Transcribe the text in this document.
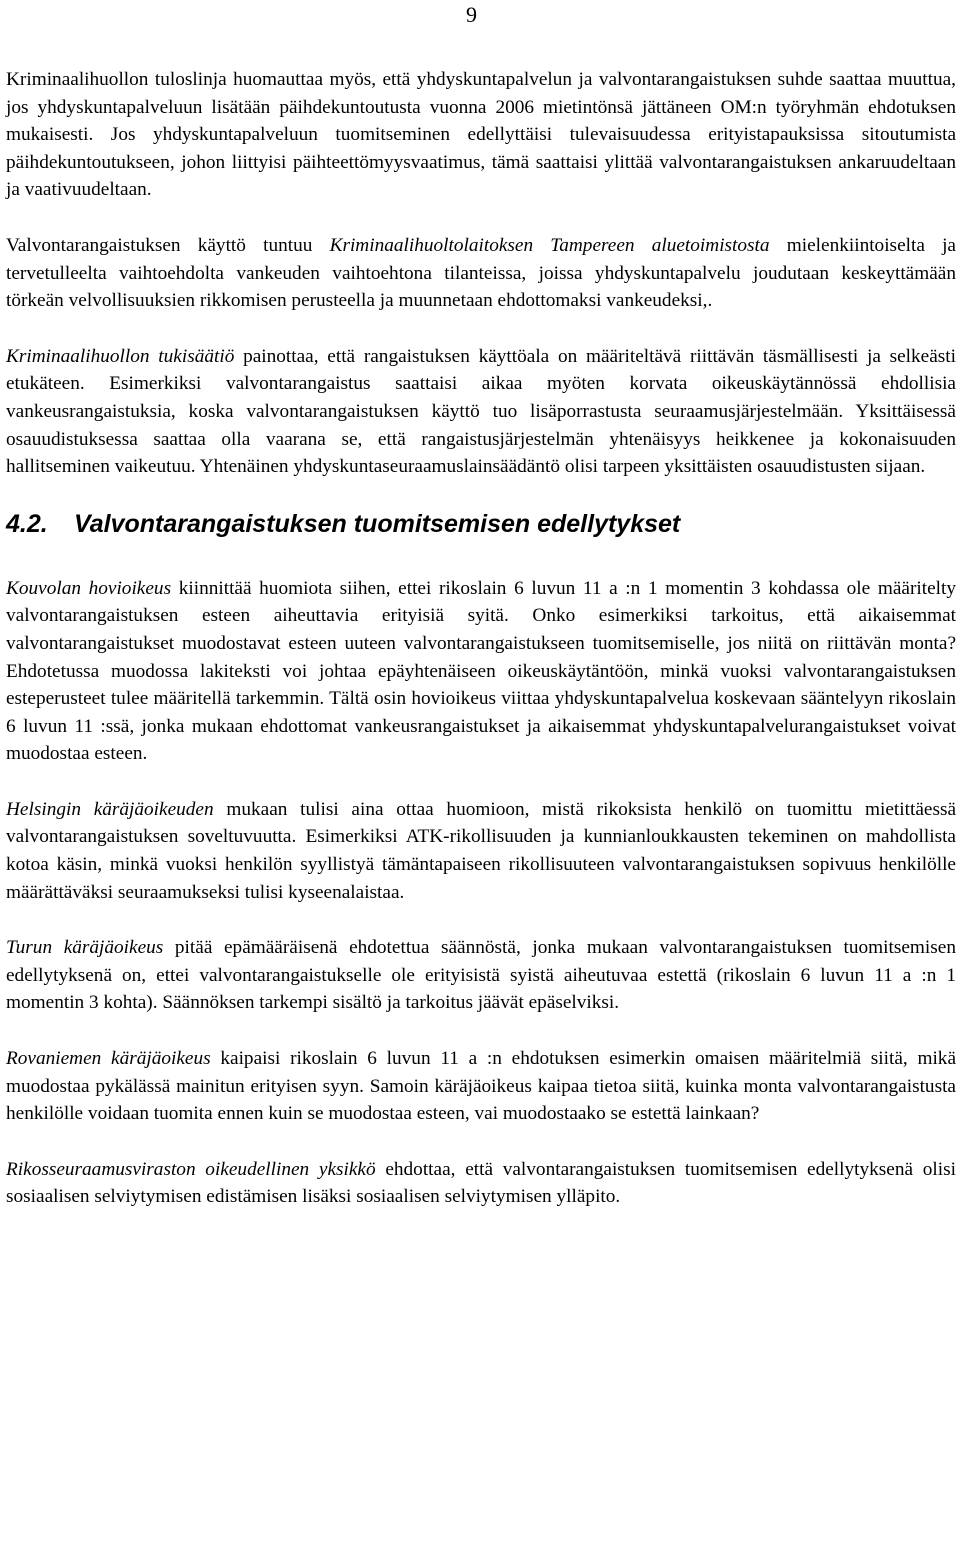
9

Kriminaalihuollon tuloslinja huomauttaa myös, että yhdyskuntapalvelun ja valvontarangaistuksen suhde saattaa muuttua, jos yhdyskuntapalveluun lisätään päihdekuntoutusta vuonna 2006 mietintönsä jättäneen OM:n työryhmän ehdotuksen mukaisesti. Jos yhdyskuntapalveluun tuomitseminen edellyttäisi tulevaisuudessa erityistapauksissa sitoutumista päihdekuntoutukseen, johon liittyisi päihteettömyysvaatimus, tämä saattaisi ylittää valvontarangaistuksen ankaruudeltaan ja vaativuudeltaan.

Valvontarangaistuksen käyttö tuntuu Kriminaalihuoltolaitoksen Tampereen aluetoimistosta mielenkiintoiselta ja tervetulleelta vaihtoehdolta vankeuden vaihtoehtona tilanteissa, joissa yhdyskuntapalvelu joudutaan keskeyttämään törkeän velvollisuuksien rikkomisen perusteella ja muunnetaan ehdottomaksi vankeudeksi,.

Kriminaalihuollon tukisäätiö painottaa, että rangaistuksen käyttöala on määriteltävä riittävän täsmällisesti ja selkeästi etukäteen. Esimerkiksi valvontarangaistus saattaisi aikaa myöten korvata oikeuskäytännössä ehdollisia vankeusrangaistuksia, koska valvontarangaistuksen käyttö tuo lisäporrastusta seuraamusjärjestelmään. Yksittäisessä osauudistuksessa saattaa olla vaarana se, että rangaistusjärjestelmän yhtenäisyys heikkenee ja kokonaisuuden hallitseminen vaikeutuu. Yhtenäinen yhdyskuntaseuraamuslainsäädäntö olisi tarpeen yksittäisten osauudistusten sijaan.

4.2. Valvontarangaistuksen tuomitsemisen edellytykset

Kouvolan hovioikeus kiinnittää huomiota siihen, ettei rikoslain 6 luvun 11 a :n 1 momentin 3 kohdassa ole määritelty valvontarangaistuksen esteen aiheuttavia erityisiä syitä. Onko esimerkiksi tarkoitus, että aikaisemmat valvontarangaistukset muodostavat esteen uuteen valvontarangaistukseen tuomitsemiselle, jos niitä on riittävän monta? Ehdotetussa muodossa lakiteksti voi johtaa epäyhtenäiseen oikeuskäytäntöön, minkä vuoksi valvontarangaistuksen esteperusteet tulee määritellä tarkemmin. Tältä osin hovioikeus viittaa yhdyskuntapalvelua koskevaan sääntelyyn rikoslain 6 luvun 11 :ssä, jonka mukaan ehdottomat vankeusrangaistukset ja aikaisemmat yhdyskuntapalvelurangaistukset voivat muodostaa esteen.

Helsingin käräjäoikeuden mukaan tulisi aina ottaa huomioon, mistä rikoksista henkilö on tuomittu mietittäessä valvontarangaistuksen soveltuvuutta. Esimerkiksi ATK-rikollisuuden ja kunnianloukkausten tekeminen on mahdollista kotoa käsin, minkä vuoksi henkilön syyllistyä tämäntapaiseen rikollisuuteen valvontarangaistuksen sopivuus henkilölle määrättäväksi seuraamukseksi tulisi kyseenalaistaa.

Turun käräjäoikeus pitää epämääräisenä ehdotettua säännöstä, jonka mukaan valvontarangaistuksen tuomitsemisen edellytyksenä on, ettei valvontarangaistukselle ole erityisistä syistä aiheutuvaa estettä (rikoslain 6 luvun 11 a :n 1 momentin 3 kohta). Säännöksen tarkempi sisältö ja tarkoitus jäävät epäselviksi.

Rovaniemen käräjäoikeus kaipaisi rikoslain 6 luvun 11 a :n ehdotuksen esimerkin omaisen määritelmiä siitä, mikä muodostaa pykälässä mainitun erityisen syyn. Samoin käräjäoikeus kaipaa tietoa siitä, kuinka monta valvontarangaistusta henkilölle voidaan tuomita ennen kuin se muodostaa esteen, vai muodostaako se estettä lainkaan?

Rikosseuraamusviraston oikeudellinen yksikkö ehdottaa, että valvontarangaistuksen tuomitsemisen edellytyksenä olisi sosiaalisen selviytymisen edistämisen lisäksi sosiaalisen selviytymisen ylläpito.
